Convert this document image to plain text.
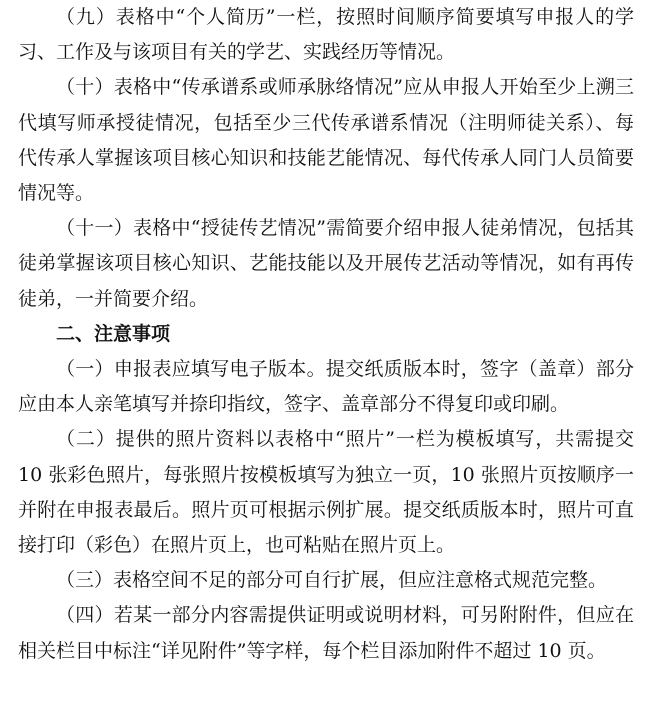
（九）表格中“个人简历”一栏，按照时间顺序简要填写申报人的学习、工作及与该项目有关的学艺、实践经历等情况。

（十）表格中“传承谱系或师承脉络情况”应从申报人开始至少上溯三代填写师承授徒情况，包括至少三代传承谱系情况（注明师徒关系）、每代传承人掌握该项目核心知识和技能艺能情况、每代传承人同门人员简要情况等。

（十一）表格中“授徒传艺情况”需简要介绍申报人徒弟情况，包括其徒弟掌握该项目核心知识、艺能技能以及开展传艺活动等情况，如有再传徒弟，一并简要介绍。

二、注意事项

（一）申报表应填写电子版本。提交纸质版本时，签字（盖章）部分应由本人亲笔填写并捺印指纹，签字、盖章部分不得复印或印刷。

（二）提供的照片资料以表格中“照片”一栏为模板填写，共需提交 10 张彩色照片，每张照片按模板填写为独立一页，10 张照片页按顺序一并附在申报表最后。照片页可根据示例扩展。提交纸质版本时，照片可直接打印（彩色）在照片页上，也可粘贴在照片页上。

（三）表格空间不足的部分可自行扩展，但应注意格式规范完整。

（四）若某一部分内容需提供证明或说明材料，可另附附件，但应在相关栏目中标注“详见附件”等字样，每个栏目添加附件不超过 10 页。
